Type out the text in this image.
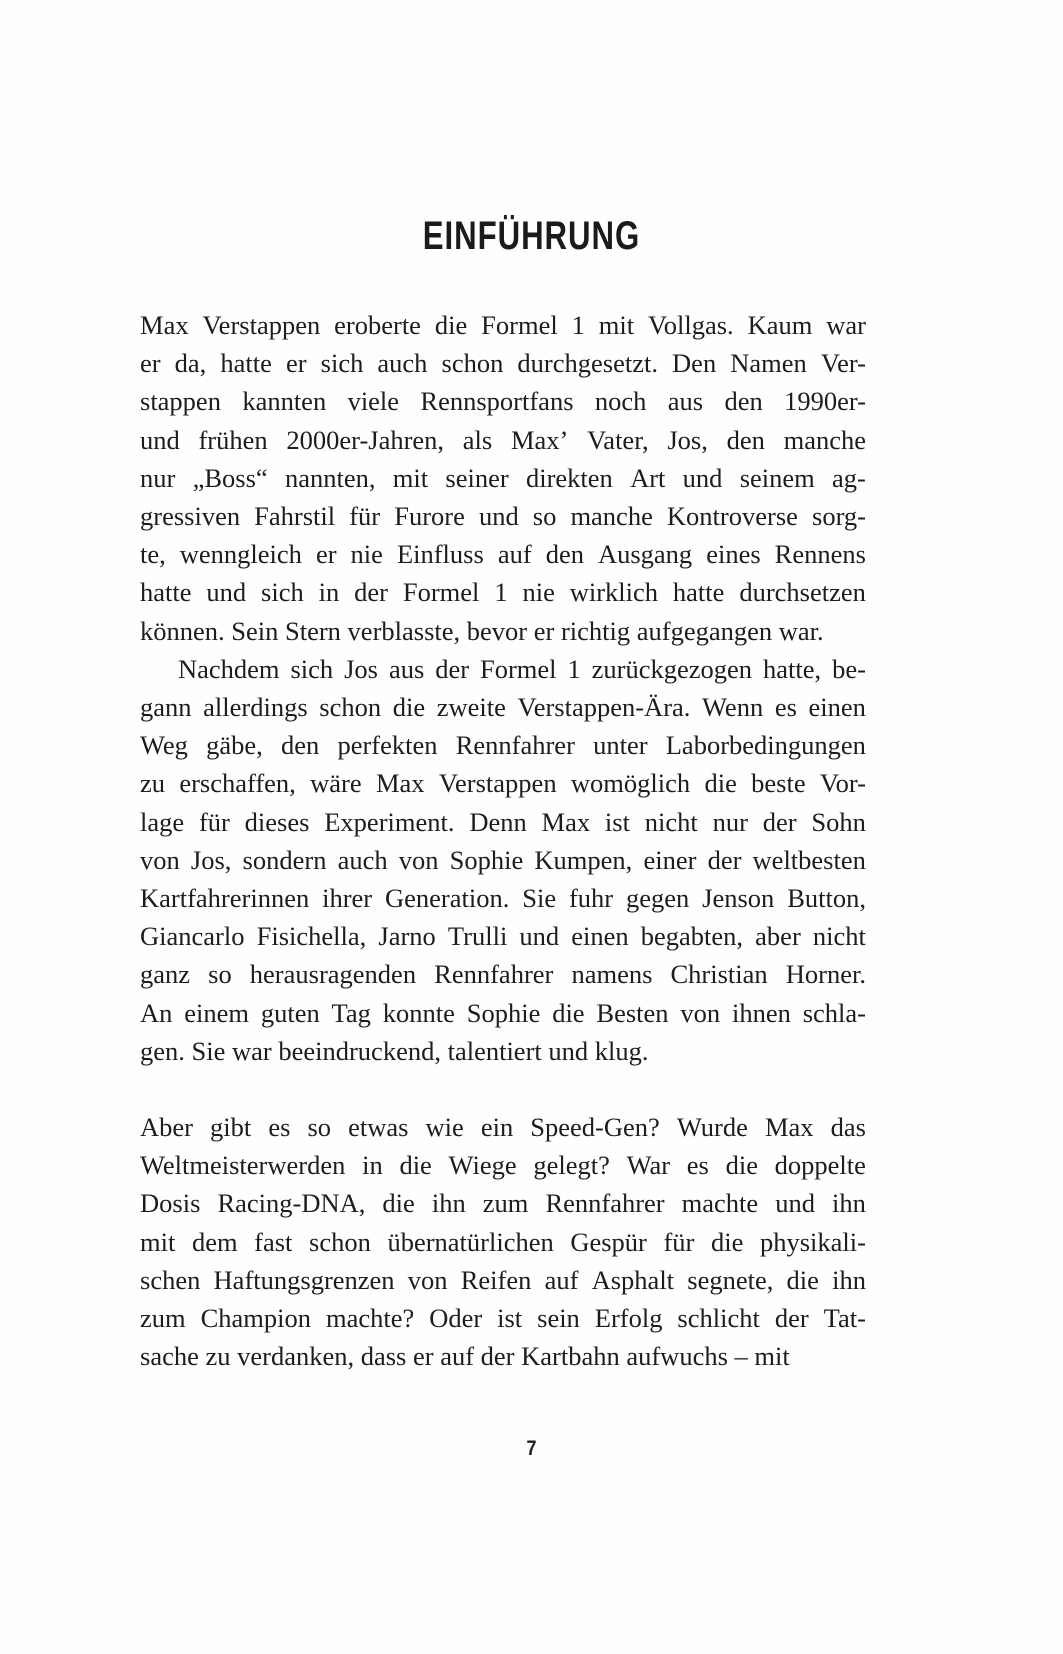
EINFÜHRUNG

Max Verstappen eroberte die Formel 1 mit Vollgas. Kaum war
er da, hatte er sich auch schon durchgesetzt. Den Namen Ver-
stappen kannten viele Rennsportfans noch aus den 1990er-
und frühen 2000er-Jahren, als Max’ Vater, Jos, den manche
nur „Boss“ nannten, mit seiner direkten Art und seinem ag-
gressiven Fahrstil für Furore und so manche Kontroverse sorg-
te, wenngleich er nie Einfluss auf den Ausgang eines Rennens
hatte und sich in der Formel 1 nie wirklich hatte durchsetzen
können. Sein Stern verblasste, bevor er richtig aufgegangen war.

Nachdem sich Jos aus der Formel 1 zurückgezogen hatte, be-
gann allerdings schon die zweite Verstappen-Ära. Wenn es einen
Weg gäbe, den perfekten Rennfahrer unter Laborbedingungen
zu erschaffen, wäre Max Verstappen womöglich die beste Vor-
lage für dieses Experiment. Denn Max ist nicht nur der Sohn
von Jos, sondern auch von Sophie Kumpen, einer der weltbesten
Kartfahrerinnen ihrer Generation. Sie fuhr gegen Jenson Button,
Giancarlo Fisichella, Jarno Trulli und einen begabten, aber nicht
ganz so herausragenden Rennfahrer namens Christian Horner.
An einem guten Tag konnte Sophie die Besten von ihnen schla-
gen. Sie war beeindruckend, talentiert und klug.

Aber gibt es so etwas wie ein Speed-Gen? Wurde Max das
Weltmeisterwerden in die Wiege gelegt? War es die doppelte
Dosis Racing-DNA, die ihn zum Rennfahrer machte und ihn
mit dem fast schon übernatürlichen Gespür für die physikali-
schen Haftungsgrenzen von Reifen auf Asphalt segnete, die ihn
zum Champion machte? Oder ist sein Erfolg schlicht der Tat-
sache zu verdanken, dass er auf der Kartbahn aufwuchs – mit

7
